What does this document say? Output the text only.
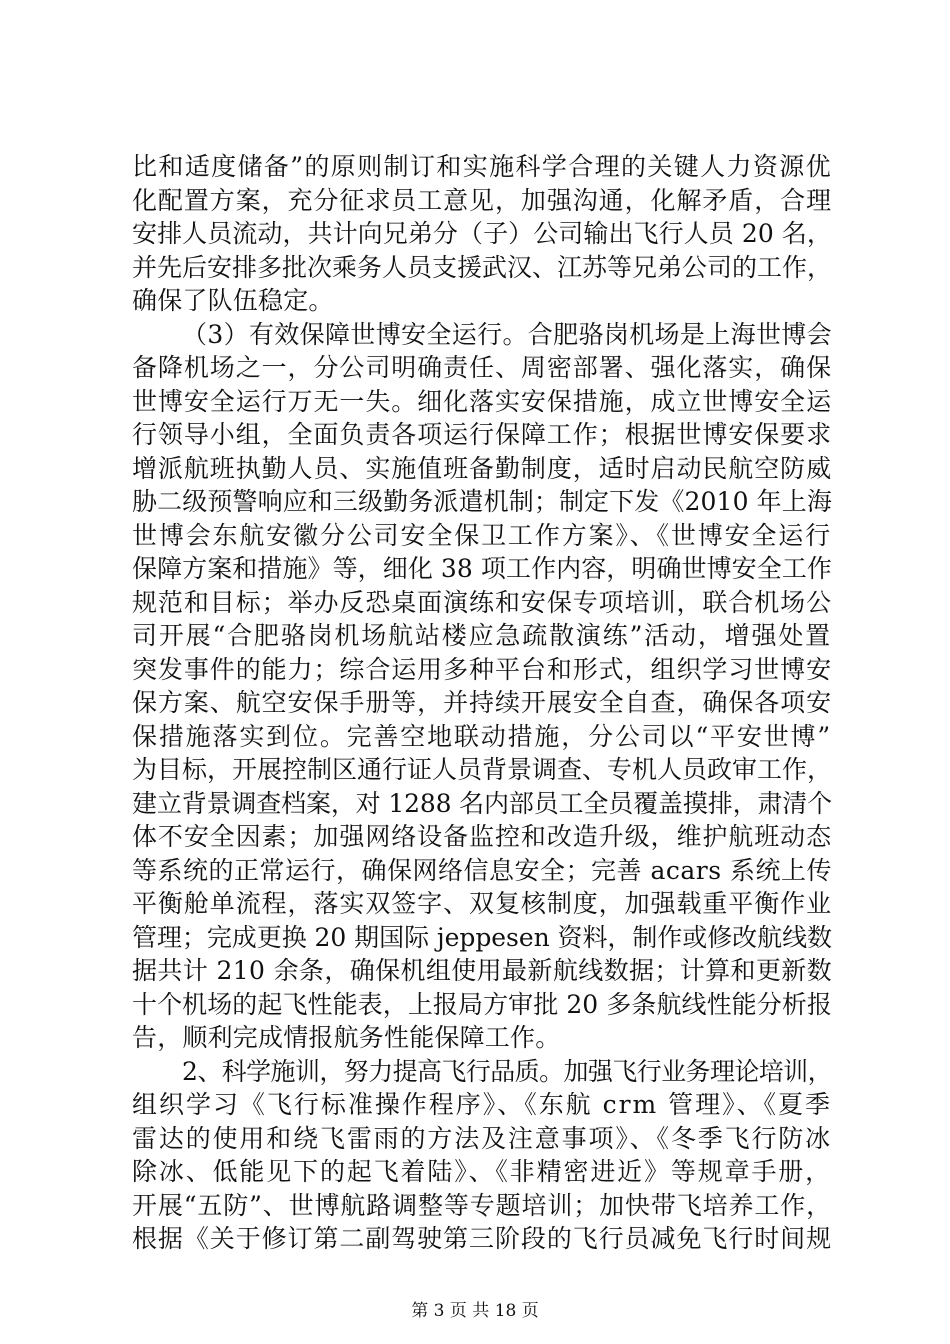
比和适度储备”的原则制订和实施科学合理的关键人力资源优
化配置方案，充分征求员工意见，加强沟通，化解矛盾，合理
安排人员流动，共计向兄弟分（子）公司输出飞行人员 20 名，
并先后安排多批次乘务人员支援武汉、江苏等兄弟公司的工作，
确保了队伍稳定。
（3）有效保障世博安全运行。合肥骆岗机场是上海世博会
备降机场之一，分公司明确责任、周密部署、强化落实，确保
世博安全运行万无一失。细化落实安保措施，成立世博安全运
行领导小组，全面负责各项运行保障工作；根据世博安保要求
增派航班执勤人员、实施值班备勤制度，适时启动民航空防威
胁二级预警响应和三级勤务派遣机制；制定下发《2010 年上海
世博会东航安徽分公司安全保卫工作方案》、《世博安全运行
保障方案和措施》等，细化 38 项工作内容，明确世博安全工作
规范和目标；举办反恐桌面演练和安保专项培训，联合机场公
司开展“合肥骆岗机场航站楼应急疏散演练”活动，增强处置
突发事件的能力；综合运用多种平台和形式，组织学习世博安
保方案、航空安保手册等，并持续开展安全自查，确保各项安
保措施落实到位。完善空地联动措施，分公司以“平安世博”
为目标，开展控制区通行证人员背景调查、专机人员政审工作，
建立背景调查档案，对 1288 名内部员工全员覆盖摸排，肃清个
体不安全因素；加强网络设备监控和改造升级，维护航班动态
等系统的正常运行，确保网络信息安全；完善 acars 系统上传
平衡舱单流程，落实双签字、双复核制度，加强载重平衡作业
管理；完成更换 20 期国际 jeppesen 资料，制作或修改航线数
据共计 210 余条，确保机组使用最新航线数据；计算和更新数
十个机场的起飞性能表，上报局方审批 20 多条航线性能分析报
告，顺利完成情报航务性能保障工作。
2、科学施训，努力提高飞行品质。加强飞行业务理论培训，
组织学习《飞行标准操作程序》、《东航 crm 管理》、《夏季
雷达的使用和绕飞雷雨的方法及注意事项》、《冬季飞行防冰
除冰、低能见下的起飞着陆》、《非精密进近》等规章手册，
开展“五防”、世博航路调整等专题培训；加快带飞培养工作，
根据《关于修订第二副驾驶第三阶段的飞行员减免飞行时间规
第 3 页 共 18 页
